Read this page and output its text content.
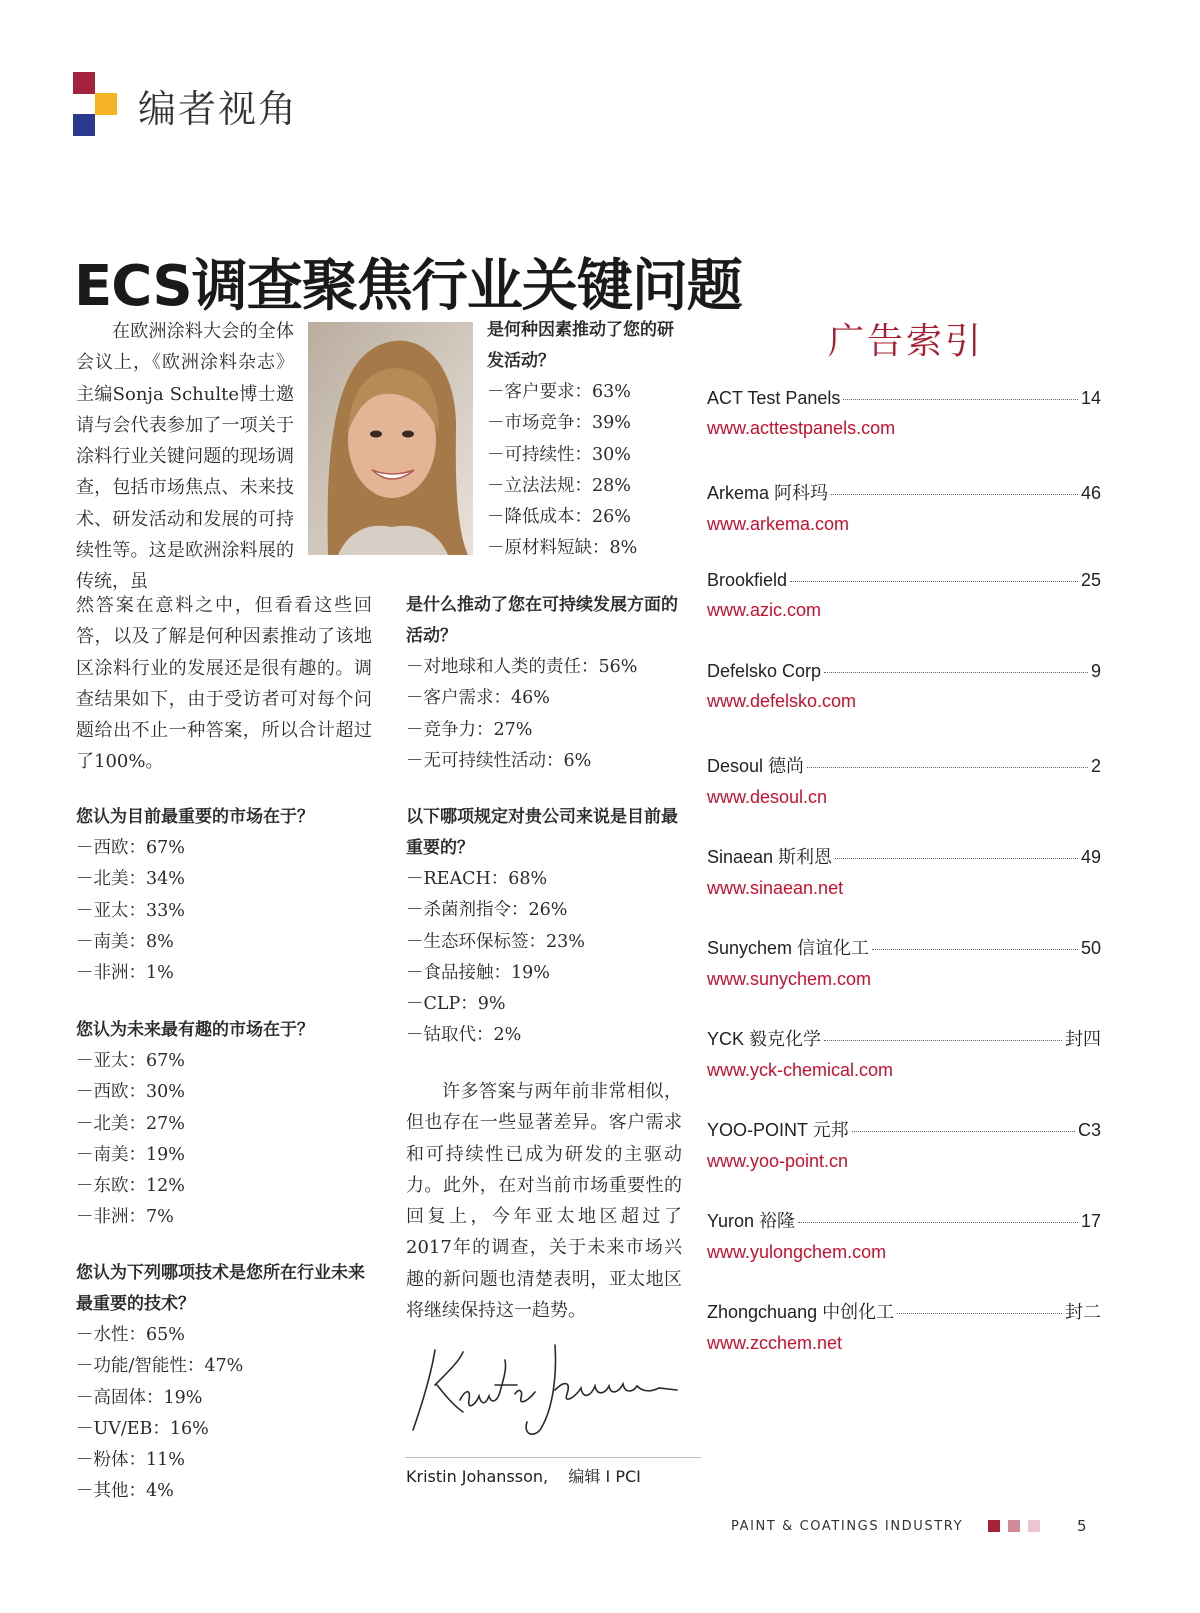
编者视角
ECS调查聚焦行业关键问题

在欧洲涂料大会的全体会议上，《欧洲涂料杂志》主编Sonja Schulte博士邀请与会代表参加了一项关于涂料行业关键问题的现场调查，包括市场焦点、未来技术、研发活动和发展的可持续性等。这是欧洲涂料展的传统，虽

然答案在意料之中，但看看这些回答，以及了解是何种因素推动了该地区涂料行业的发展还是很有趣的。调查结果如下，由于受访者可对每个问题给出不止一种答案，所以合计超过了100%。

您认为目前最重要的市场在于？

－西欧：67%
－北美：34%
－亚太：33%
－南美：8%
－非洲：1%

您认为未来最有趣的市场在于？

－亚太：67%
－西欧：30%
－北美：27%
－南美：19%
－东欧：12%
－非洲：7%

您认为下列哪项技术是您所在行业未来最重要的技术？

－水性：65%
－功能/智能性：47%
－高固体：19%
－UV/EB：16%
－粉体：11%
－其他：4%

是何种因素推动了您的研发活动？

－客户要求：63%
－市场竞争：39%
－可持续性：30%
－立法法规：28%
－降低成本：26%
－原材料短缺：8%

是什么推动了您在可持续发展方面的活动？

－对地球和人类的责任：56%
－客户需求：46%
－竞争力：27%
－无可持续性活动：6%

以下哪项规定对贵公司来说是目前最重要的？

－REACH：68%
－杀菌剂指令：26%
－生态环保标签：23%
－食品接触：19%
－CLP：9%
－钴取代：2%

许多答案与两年前非常相似，但也存在一些显著差异。客户需求和可持续性已成为研发的主驱动力。此外，在对当前市场重要性的回复上，今年亚太地区超过了2017年的调查，关于未来市场兴趣的新问题也清楚表明，亚太地区将继续保持这一趋势。

Kristin Johansson,    编辑 I PCI
广告索引
ACT Test Panels	14
www.acttestpanels.com
Arkema 阿科玛	46
www.arkema.com
Brookfield	25
www.azic.com
Defelsko Corp	9
www.defelsko.com
Desoul 德尚	2
www.desoul.cn
Sinaean 斯利恩	49
www.sinaean.net
Sunychem 信谊化工	50
www.sunychem.com
YCK 毅克化学	封四
www.yck-chemical.com
YOO-POINT 元邦	C3
www.yoo-point.cn
Yuron 裕隆	17
www.yulongchem.com
Zhongchuang 中创化工	封二
www.zcchem.net
PAINT & COATINGS INDUSTRY	5
